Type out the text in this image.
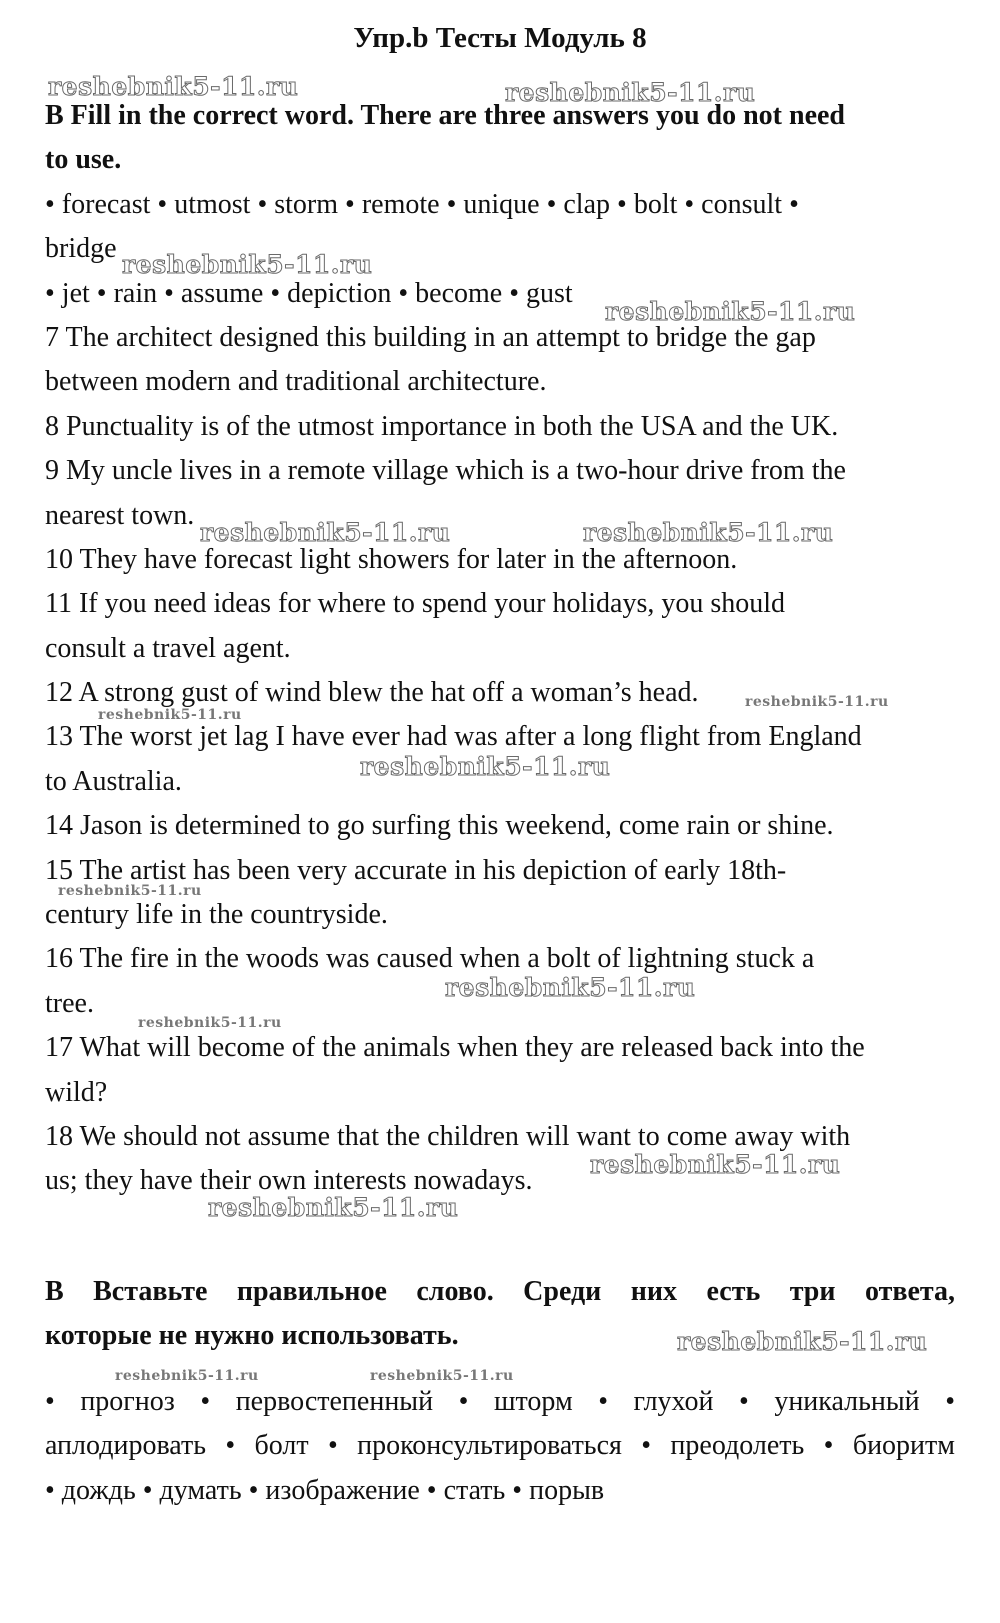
Упр.b Тесты Модуль 8
B Fill in the correct word. There are three answers you do not need
to use.
• forecast • utmost • storm • remote • unique • clap • bolt • consult •
bridge
• jet • rain • assume • depiction • become • gust
7 The architect designed this building in an attempt to bridge the gap
between modern and traditional architecture.
8 Punctuality is of the utmost importance in both the USA and the UK.
9 My uncle lives in a remote village which is a two-hour drive from the
nearest town.
10 They have forecast light showers for later in the afternoon.
11 If you need ideas for where to spend your holidays, you should
consult a travel agent.
12 A strong gust of wind blew the hat off a woman’s head.
13 The worst jet lag I have ever had was after a long flight from England
to Australia.
14 Jason is determined to go surfing this weekend, come rain or shine.
15 The artist has been very accurate in his depiction of early 18th-
century life in the countryside.
16 The fire in the woods was caused when a bolt of lightning stuck a
tree.
17 What will become of the animals when they are released back into the
wild?
18 We should not assume that the children will want to come away with
us; they have their own interests nowadays.
В Вставьте правильное слово. Среди них есть три ответа,
которые не нужно использовать.
• прогноз • первостепенный • шторм • глухой • уникальный •
аплодировать • болт • проконсультироваться • преодолеть • биоритм
• дождь • думать • изображение • стать • порыв
reshebnik5-11.ru	reshebnik5-11.ru
reshebnik5-11.ru
reshebnik5-11.ru
reshebnik5-11.ru	reshebnik5-11.ru
reshebnik5-11.ru
reshebnik5-11.ru
reshebnik5-11.ru
reshebnik5-11.ru
reshebnik5-11.ru
reshebnik5-11.ru
reshebnik5-11.ru
reshebnik5-11.ru
reshebnik5-11.ru
reshebnik5-11.ru	reshebnik5-11.ru
